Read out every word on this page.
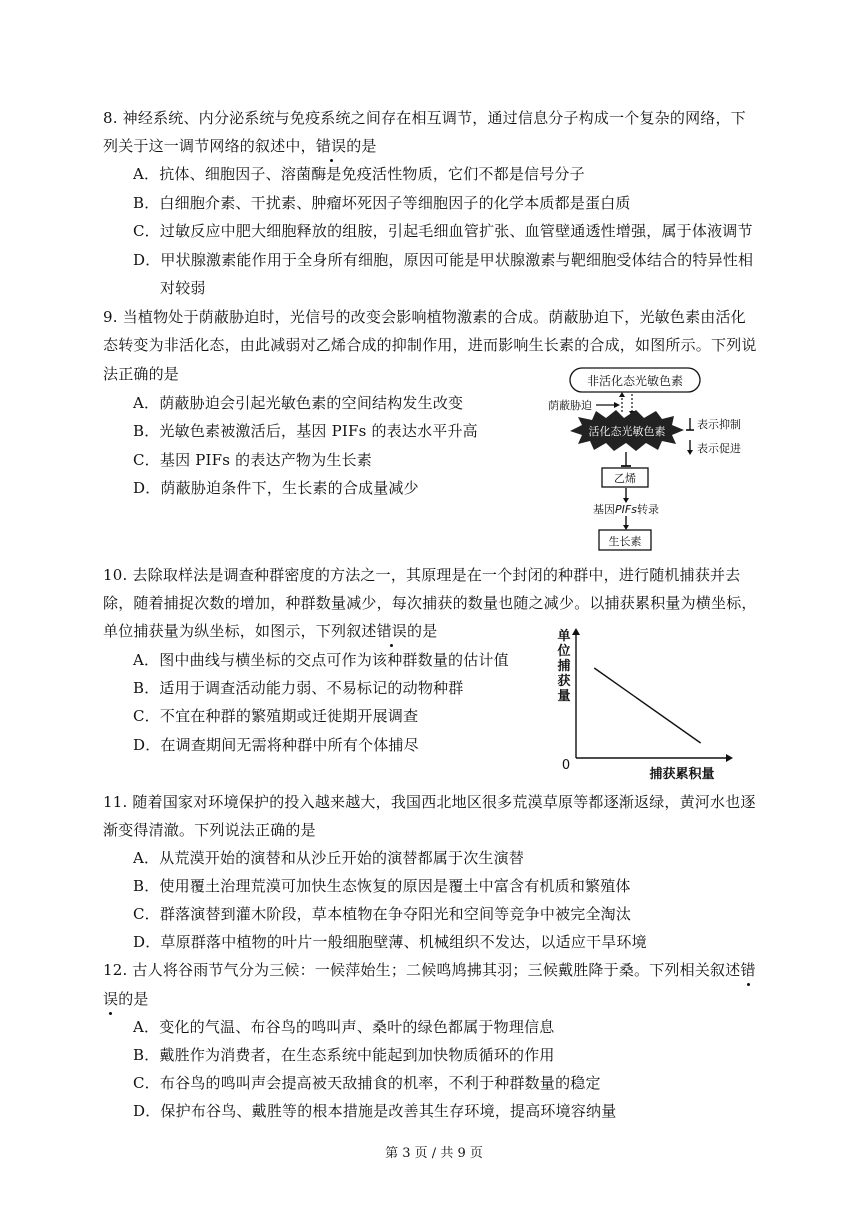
8. 神经系统、内分泌系统与免疫系统之间存在相互调节，通过信息分子构成一个复杂的网络，下
列关于这一调节网络的叙述中，错误的是
A．抗体、细胞因子、溶菌酶是免疫活性物质，它们不都是信号分子
B．白细胞介素、干扰素、肿瘤坏死因子等细胞因子的化学本质都是蛋白质
C．过敏反应中肥大细胞释放的组胺，引起毛细血管扩张、血管壁通透性增强，属于体液调节
D．甲状腺激素能作用于全身所有细胞，原因可能是甲状腺激素与靶细胞受体结合的特异性相
对较弱
9. 当植物处于荫蔽胁迫时，光信号的改变会影响植物激素的合成。荫蔽胁迫下，光敏色素由活化
态转变为非活化态，由此减弱对乙烯合成的抑制作用，进而影响生长素的合成，如图所示。下列说
法正确的是
A．荫蔽胁迫会引起光敏色素的空间结构发生改变
B．光敏色素被激活后，基因 PIFs 的表达水平升高
C．基因 PIFs 的表达产物为生长素
D．荫蔽胁迫条件下，生长素的合成量减少
非活化态光敏色素
荫蔽胁迫
活化态光敏色素
表示抑制
表示促进
乙烯
基因PIFs转录
生长素
10. 去除取样法是调查种群密度的方法之一，其原理是在一个封闭的种群中，进行随机捕获并去
除，随着捕捉次数的增加，种群数量减少，每次捕获的数量也随之减少。以捕获累积量为横坐标，
单位捕获量为纵坐标，如图示，下列叙述错误的是
A．图中曲线与横坐标的交点可作为该种群数量的估计值
B．适用于调查活动能力弱、不易标记的动物种群
C．不宜在种群的繁殖期或迁徙期开展调查
D．在调查期间无需将种群中所有个体捕尽
单位捕获量
0
捕获累积量
11. 随着国家对环境保护的投入越来越大，我国西北地区很多荒漠草原等都逐渐返绿，黄河水也逐
渐变得清澈。下列说法正确的是
A．从荒漠开始的演替和从沙丘开始的演替都属于次生演替
B．使用覆土治理荒漠可加快生态恢复的原因是覆土中富含有机质和繁殖体
C．群落演替到灌木阶段，草本植物在争夺阳光和空间等竞争中被完全淘汰
D．草原群落中植物的叶片一般细胞壁薄、机械组织不发达，以适应干旱环境
12. 古人将谷雨节气分为三候：一候萍始生；二候鸣鸠拂其羽；三候戴胜降于桑。下列相关叙述错
误的是
A．变化的气温、布谷鸟的鸣叫声、桑叶的绿色都属于物理信息
B．戴胜作为消费者，在生态系统中能起到加快物质循环的作用
C．布谷鸟的鸣叫声会提高被天敌捕食的机率，不利于种群数量的稳定
D．保护布谷鸟、戴胜等的根本措施是改善其生存环境，提高环境容纳量
第 3 页 / 共 9 页
